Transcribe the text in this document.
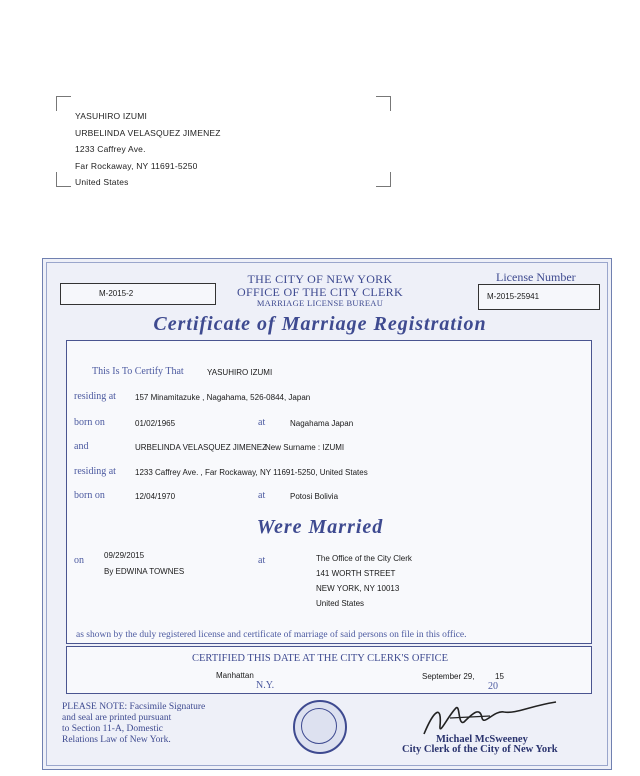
YASUHIRO IZUMI
URBELINDA VELASQUEZ JIMENEZ
1233 Caffrey Ave.
Far Rockaway, NY 11691-5250
United States
THE CITY OF NEW YORK
OFFICE OF THE CITY CLERK
MARRIAGE LICENSE BUREAU
M-2015-2
License Number
M-2015-25941
Certificate of Marriage Registration
This Is To Certify That	YASUHIRO IZUMI
residing at 157 Minamitazuke , Nagahama, 526-0844, Japan
born on	01/02/1965	at	Nagahama Japan
and	URBELINDA VELASQUEZ JIMENEZ
New Surname : IZUMI
residing at 1233 Caffrey Ave. , Far Rockaway, NY 11691-5250, United States
born on	12/04/1970	at	Potosi Bolivia
Were Married
on	09/29/2015
By EDWINA TOWNES
at	The Office of the City Clerk
141 WORTH STREET
NEW YORK, NY 10013
United States
as shown by the duly registered license and certificate of marriage of said persons on file in this office.
CERTIFIED THIS DATE AT THE CITY CLERK'S OFFICE
Manhattan
N.Y.
September 29,	15
20
PLEASE NOTE: Facsimile Signature
and seal are printed pursuant
to Section 11-A, Domestic
Relations Law of New York.	Michael McSweeney
City Clerk of the City of New York
